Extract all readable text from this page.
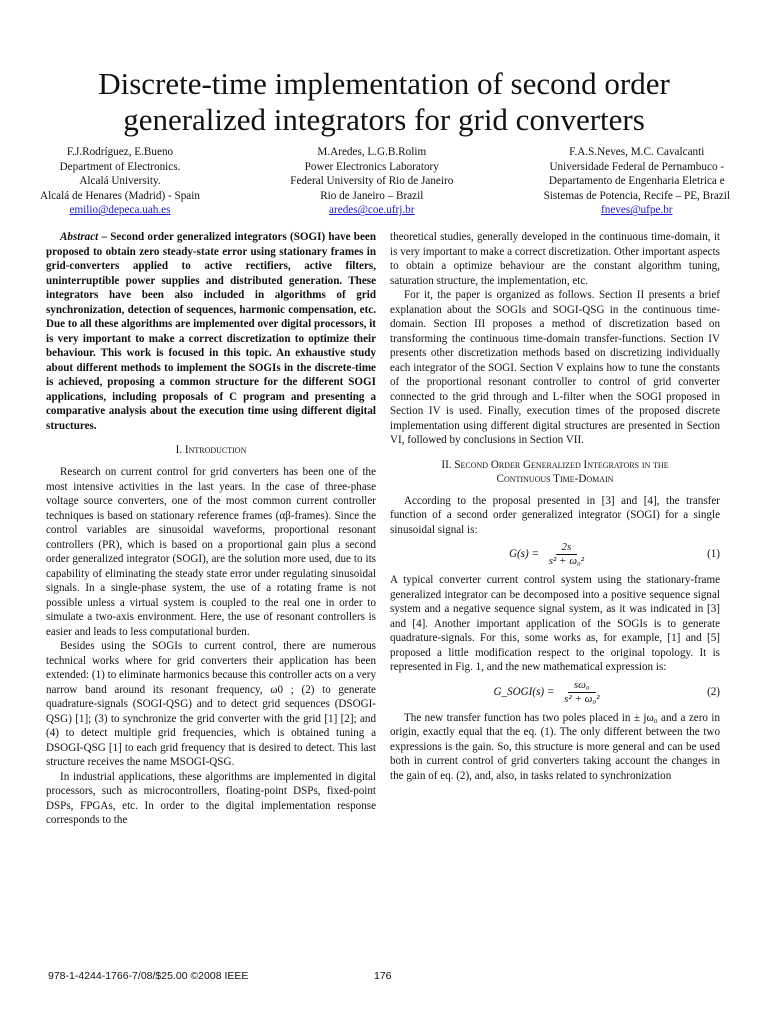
Discrete-time implementation of second order
generalized integrators for grid converters
F.J.Rodríguez, E.Bueno
Department of Electronics.
Alcalá University.
Alcalá de Henares (Madrid) - Spain
emilio@depeca.uah.es
M.Aredes, L.G.B.Rolim
Power Electronics Laboratory
Federal University of Rio de Janeiro
Rio de Janeiro – Brazil
aredes@coe.ufrj.br
F.A.S.Neves, M.C. Cavalcanti
Universidade Federal de Pernambuco -
Departamento de Engenharia Eletrica e
Sistemas de Potencia, Recife – PE, Brazil
fneves@ufpe.br

Abstract – Second order generalized integrators (SOGI) have been proposed to obtain zero steady-state error using stationary frames in grid-converters applied to active rectifiers, active filters, uninterruptible power supplies and distributed generation. These integrators have been also included in algorithms of grid synchronization, detection of sequences, harmonic compensation, etc. Due to all these algorithms are implemented over digital processors, it is very important to make a correct discretization to optimize their behaviour. This work is focused in this topic. An exhaustive study about different methods to implement the SOGIs in the discrete-time is achieved, proposing a common structure for the different SOGI applications, including proposals of C program and presenting a comparative analysis about the execution time using different digital structures.

I. Introduction

Research on current control for grid converters has been one of the most intensive activities in the last years. In the case of three-phase voltage source converters, one of the most common current controller techniques is based on stationary reference frames (αβ-frames). Since the control variables are sinusoidal waveforms, proportional resonant controllers (PR), which is based on a proportional gain plus a second order generalized integrator (SOGI), are the solution more used, due to its capability of eliminating the steady state error under regulating sinusoidal signals. In a single-phase system, the use of a rotating frame is not possible unless a virtual system is coupled to the real one in order to simulate a two-axis environment. Here, the use of resonant controllers is easier and leads to less computational burden.

Besides using the SOGIs to current control, there are numerous technical works where for grid converters their application has been extended: (1) to eliminate harmonics because this controller acts on a very narrow band around its resonant frequency, ω0 ; (2) to generate quadrature-signals (SOGI-QSG) and to detect grid sequences (DSOGI-QSG) [1]; (3) to synchronize the grid converter with the grid [1] [2]; and (4) to detect multiple grid frequencies, which is obtained tuning a DSOGI-QSG [1] to each grid frequency that is desired to detect. This last structure receives the name MSOGI-QSG.

In industrial applications, these algorithms are implemented in digital processors, such as microcontrollers, floating-point DSPs, fixed-point DSPs, FPGAs, etc. In order to the digital implementation response corresponds to the

theoretical studies, generally developed in the continuous time-domain, it is very important to make a correct discretization. Other important aspects to obtain a optimize behaviour are the constant algorithm tuning, saturation structure, the implementation, etc.

For it, the paper is organized as follows. Section II presents a brief explanation about the SOGIs and SOGI-QSG in the continuous time-domain. Section III proposes a method of discretization based on transforming the continuous time-domain transfer-functions. Section IV presents other discretization methods based on discretizing individually each integrator of the SOGI. Section V explains how to tune the constants of the proportional resonant controller to control of grid converter connected to the grid through and L-filter when the SOGI proposed in Section IV is used. Finally, execution times of the proposed discrete implementation using different digital structures are presented in Section VI, followed by conclusions in Section VII.

II. Second Order Generalized Integrators in the
Continuous Time-Domain

According to the proposal presented in [3] and [4], the transfer function of a second order generalized integrator (SOGI) for a single sinusoidal signal is:

$G(s) = \frac{2s}{\text{s² + ω₀²}}$	(1)

A typical converter current control system using the stationary-frame generalized integrator can be decomposed into a positive sequence signal system and a negative sequence signal system, as it was indicated in [3] and [4]. Another important application of the SOGIs is to generate quadrature-signals. For this, some works as, for example, [1] and [5] proposed a little modification respect to the original topology. It is represented in Fig. 1, and the new mathematical expression is:

G_SOGI(s) = $\frac{\text{sω₀}}{\text{s² + ω₀²}}$	(2)

The new transfer function has two poles placed in ± jω₀ and a zero in origin, exactly equal that the eq. (1). The only different between the two expressions is the gain. So, this structure is more general and can be used both in current control of grid converters taking account the changes in the gain of eq. (2), and, also, in tasks related to synchronization

978-1-4244-1766-7/08/$25.00 ©2008 IEEE	176
